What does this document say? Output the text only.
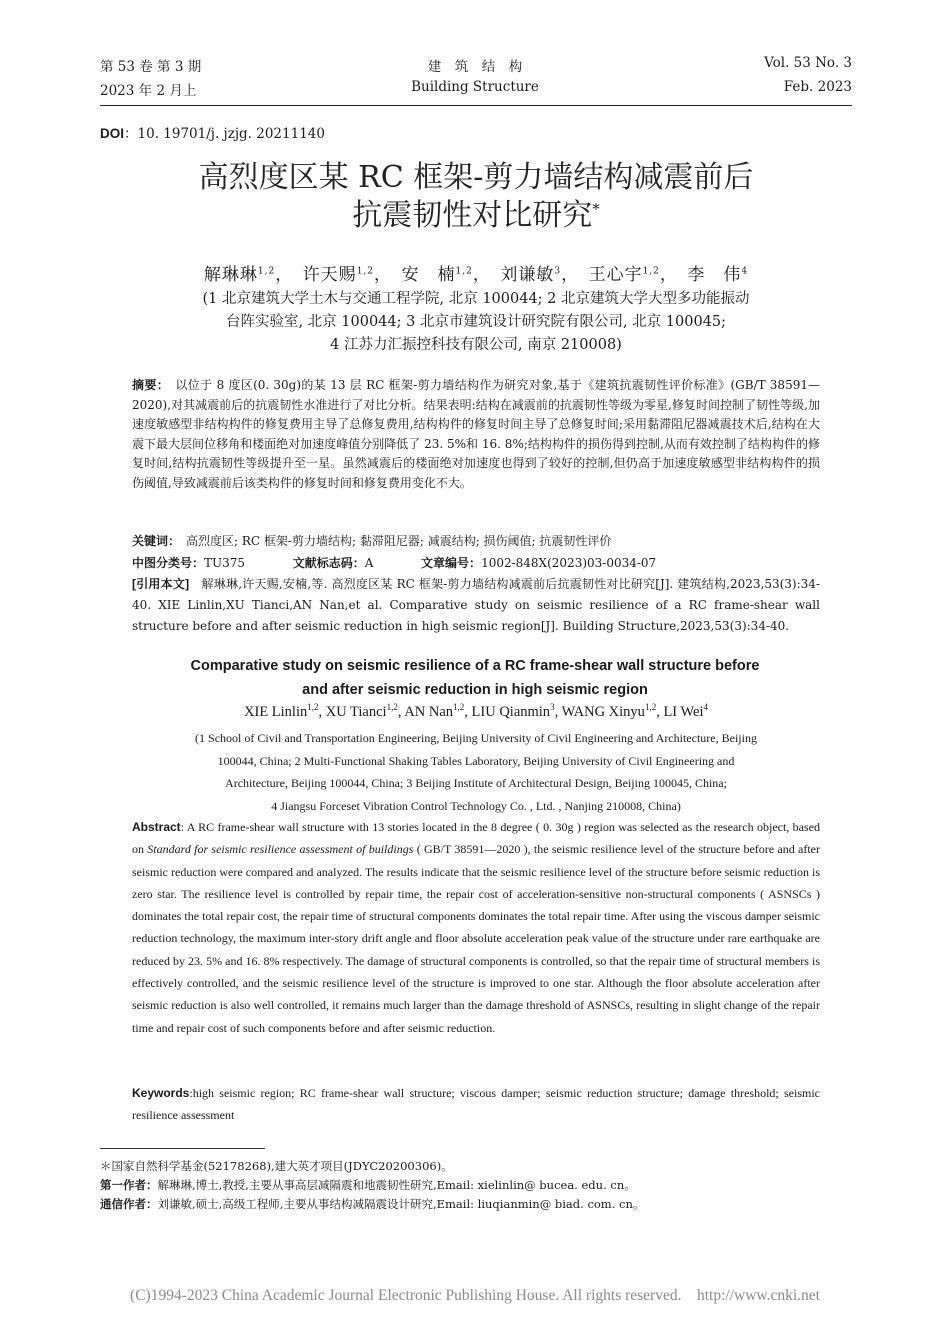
第 53 卷 第 3 期
2023 年 2 月上
建　筑　结　构
Building Structure
Vol. 53 No. 3
Feb. 2023
DOI：10. 19701/j. jzjg. 20211140
高烈度区某 RC 框架-剪力墙结构减震前后
抗震韧性对比研究*
解琳琳$^{1,2}$，　许天赐$^{1,2}$，　安　楠$^{1,2}$，　刘谦敏$^3$，　王心宇$^{1,2}$，　李　伟$^4$
(1 北京建筑大学土木与交通工程学院, 北京 100044; 2 北京建筑大学大型多功能振动
台阵实验室, 北京 100044; 3 北京市建筑设计研究院有限公司, 北京 100045;
4 江苏力汇振控科技有限公司, 南京 210008)
摘要：　 以位于 8 度区(0. 30g)的某 13 层 RC 框架-剪力墙结构作为研究对象,基于《建筑抗震韧性评价标准》(GB/T 38591—2020),对其减震前后的抗震韧性水准进行了对比分析。结果表明:结构在减震前的抗震韧性等级为零星,修复时间控制了韧性等级,加速度敏感型非结构构件的修复费用主导了总修复费用,结构构件的修复时间主导了总修复时间;采用黏滞阻尼器减震技术后,结构在大震下最大层间位移角和楼面绝对加速度峰值分别降低了 23. 5%和 16. 8%;结构构件的损伤得到控制,从而有效控制了结构构件的修复时间,结构抗震韧性等级提升至一星。虽然减震后的楼面绝对加速度也得到了较好的控制,但仍高于加速度敏感型非结构构件的损伤阈值,导致减震前后该类构件的修复时间和修复费用变化不大。
关键词：　 高烈度区; RC 框架-剪力墙结构; 黏滞阻尼器; 减震结构; 损伤阈值; 抗震韧性评价
中图分类号：TU375	文献标志码：A	文章编号：1002-848X(2023)03-0034-07
[引用本文]　 解琳琳,许天赐,安楠,等. 高烈度区某 RC 框架-剪力墙结构减震前后抗震韧性对比研究[J]. 建筑结构,2023,53(3):34-40. XIE Linlin,XU Tianci,AN Nan,et al. Comparative study on seismic resilience of a RC frame-shear wall structure before and after seismic reduction in high seismic region[J]. Building Structure,2023,53(3):34-40.
Comparative study on seismic resilience of a RC frame-shear wall structure before
and after seismic reduction in high seismic region
XIE Linlin$^{1,2}$, XU Tianci$^{1,2}$, AN Nan$^{1,2}$, LIU Qianmin$^3$, WANG Xinyu$^{1,2}$, LI Wei$^4$
(1 School of Civil and Transportation Engineering, Beijing University of Civil Engineering and Architecture, Beijing
100044, China; 2 Multi-Functional Shaking Tables Laboratory, Beijing University of Civil Engineering and
Architecture, Beijing 100044, China; 3 Beijing Institute of Architectural Design, Beijing 100045, China;
4 Jiangsu Forceset Vibration Control Technology Co. , Ltd. , Nanjing 210008, China)
Abstract: A RC frame-shear wall structure with 13 stories located in the 8 degree ( 0. 30g ) region was selected as the research object, based on Standard for seismic resilience assessment of buildings ( GB/T 38591—2020 ), the seismic resilience level of the structure before and after seismic reduction were compared and analyzed. The results indicate that the seismic resilience level of the structure before seismic reduction is zero star. The resilience level is controlled by repair time, the repair cost of acceleration-sensitive non-structural components ( ASNSCs ) dominates the total repair cost, the repair time of structural components dominates the total repair time. After using the viscous damper seismic reduction technology, the maximum inter-story drift angle and floor absolute acceleration peak value of the structure under rare earthquake are reduced by 23. 5% and 16. 8% respectively. The damage of structural components is controlled, so that the repair time of structural members is effectively controlled, and the seismic resilience level of the structure is improved to one star. Although the floor absolute acceleration after seismic reduction is also well controlled, it remains much larger than the damage threshold of ASNSCs, resulting in slight change of the repair time and repair cost of such components before and after seismic reduction.
Keywords:high seismic region; RC frame-shear wall structure; viscous damper; seismic reduction structure; damage threshold; seismic resilience assessment
＊国家自然科学基金(52178268),建大英才项目(JDYC20200306)。
第一作者：解琳琳,博士,教授,主要从事高层减隔震和地震韧性研究,Email: xielinlin@ bucea. edu. cn。
通信作者：刘谦敏,硕士,高级工程师,主要从事结构减隔震设计研究,Email: liuqianmin@ biad. com. cn。
(C)1994-2023 China Academic Journal Electronic Publishing House. All rights reserved.    http://www.cnki.net
